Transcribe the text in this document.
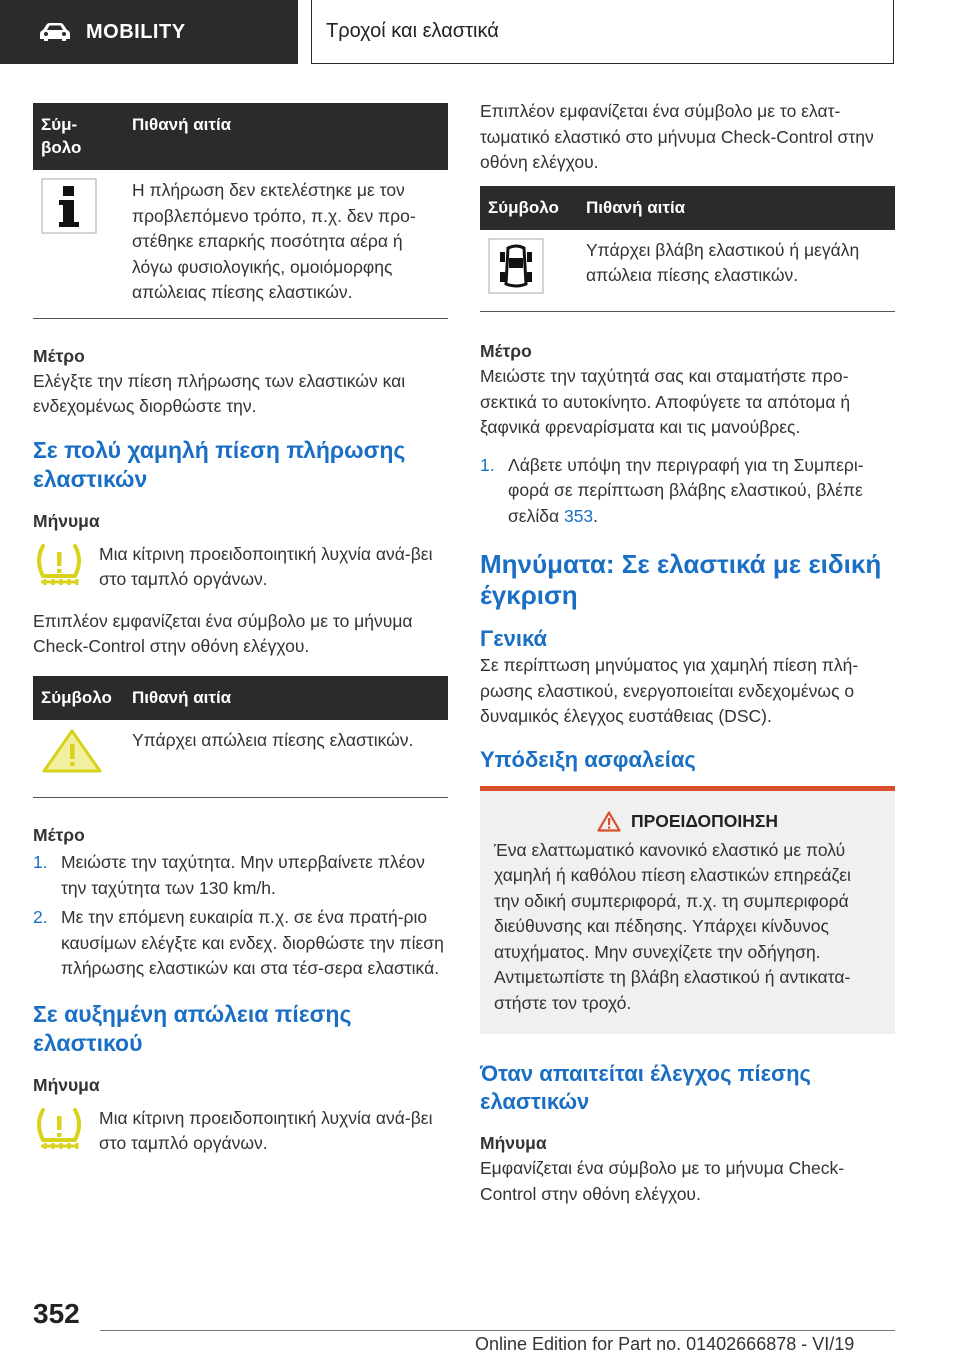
MOBILITY	Τροχοί και ελαστικά
Σύμ-
βολο	Πιθανή αιτία
	Η πλήρωση δεν εκτελέστηκε με τον προβλεπόμενο τρόπο, π.χ. δεν προ-στέθηκε επαρκής ποσότητα αέρα ή λόγω φυσιολογικής, ομοιόμορφης απώλειας πίεσης ελαστικών.

Μέτρο

Ελέγξτε την πίεση πλήρωσης των ελαστικών και ενδεχομένως διορθώστε την.

Σε πολύ χαμηλή πίεση πλήρωσης ελαστικών

Μήνυμα

Μια κίτρινη προειδοποιητική λυχνία ανά-βει στο ταμπλό οργάνων.

Επιπλέον εμφανίζεται ένα σύμβολο με το μήνυμα Check-Control στην οθόνη ελέγχου.

Σύμβολο	Πιθανή αιτία
	Υπάρχει απώλεια πίεσης ελαστικών.

Μέτρο

1. Μειώστε την ταχύτητα. Μην υπερβαίνετε πλέον την ταχύτητα των 130 km/h.
2. Με την επόμενη ευκαιρία π.χ. σε ένα πρατή-ριο καυσίμων ελέγξτε και ενδεχ. διορθώστε την πίεση πλήρωσης ελαστικών και στα τέσ-σερα ελαστικά.

Σε αυξημένη απώλεια πίεσης ελαστικού

Μήνυμα

Μια κίτρινη προειδοποιητική λυχνία ανά-βει στο ταμπλό οργάνων.

Επιπλέον εμφανίζεται ένα σύμβολο με το ελατ-τωματικό ελαστικό στο μήνυμα Check-Control στην οθόνη ελέγχου.

Σύμβολο	Πιθανή αιτία
	Υπάρχει βλάβη ελαστικού ή μεγάλη απώλεια πίεσης ελαστικών.

Μέτρο

Μειώστε την ταχύτητά σας και σταματήστε προ-σεκτικά το αυτοκίνητο. Αποφύγετε τα απότομα ή ξαφνικά φρεναρίσματα και τις μανούβρες.

1. Λάβετε υπόψη την περιγραφή για τη Συμπερι-φορά σε περίπτωση βλάβης ελαστικού, βλέπε σελίδα 353.

Μηνύματα: Σε ελαστικά με ειδική έγκριση

Γενικά

Σε περίπτωση μηνύματος για χαμηλή πίεση πλή-ρωσης ελαστικού, ενεργοποιείται ενδεχομένως ο δυναμικός έλεγχος ευστάθειας (DSC).

Υπόδειξη ασφαλείας

ΠΡΟΕΙΔΟΠΟΙΗΣΗ

Ένα ελαττωματικό κανονικό ελαστικό με πολύ χαμηλή ή καθόλου πίεση ελαστικών επηρεάζει την οδική συμπεριφορά, π.χ. τη συμπεριφορά διεύθυνσης και πέδησης. Υπάρχει κίνδυνος ατυχήματος. Μην συνεχίζετε την οδήγηση. Αντιμετωπίστε τη βλάβη ελαστικού ή αντικατα-στήστε τον τροχό.

Όταν απαιτείται έλεγχος πίεσης ελαστικών

Μήνυμα

Εμφανίζεται ένα σύμβολο με το μήνυμα Check-Control στην οθόνη ελέγχου.

352
Online Edition for Part no. 01402666878 - VI/19
